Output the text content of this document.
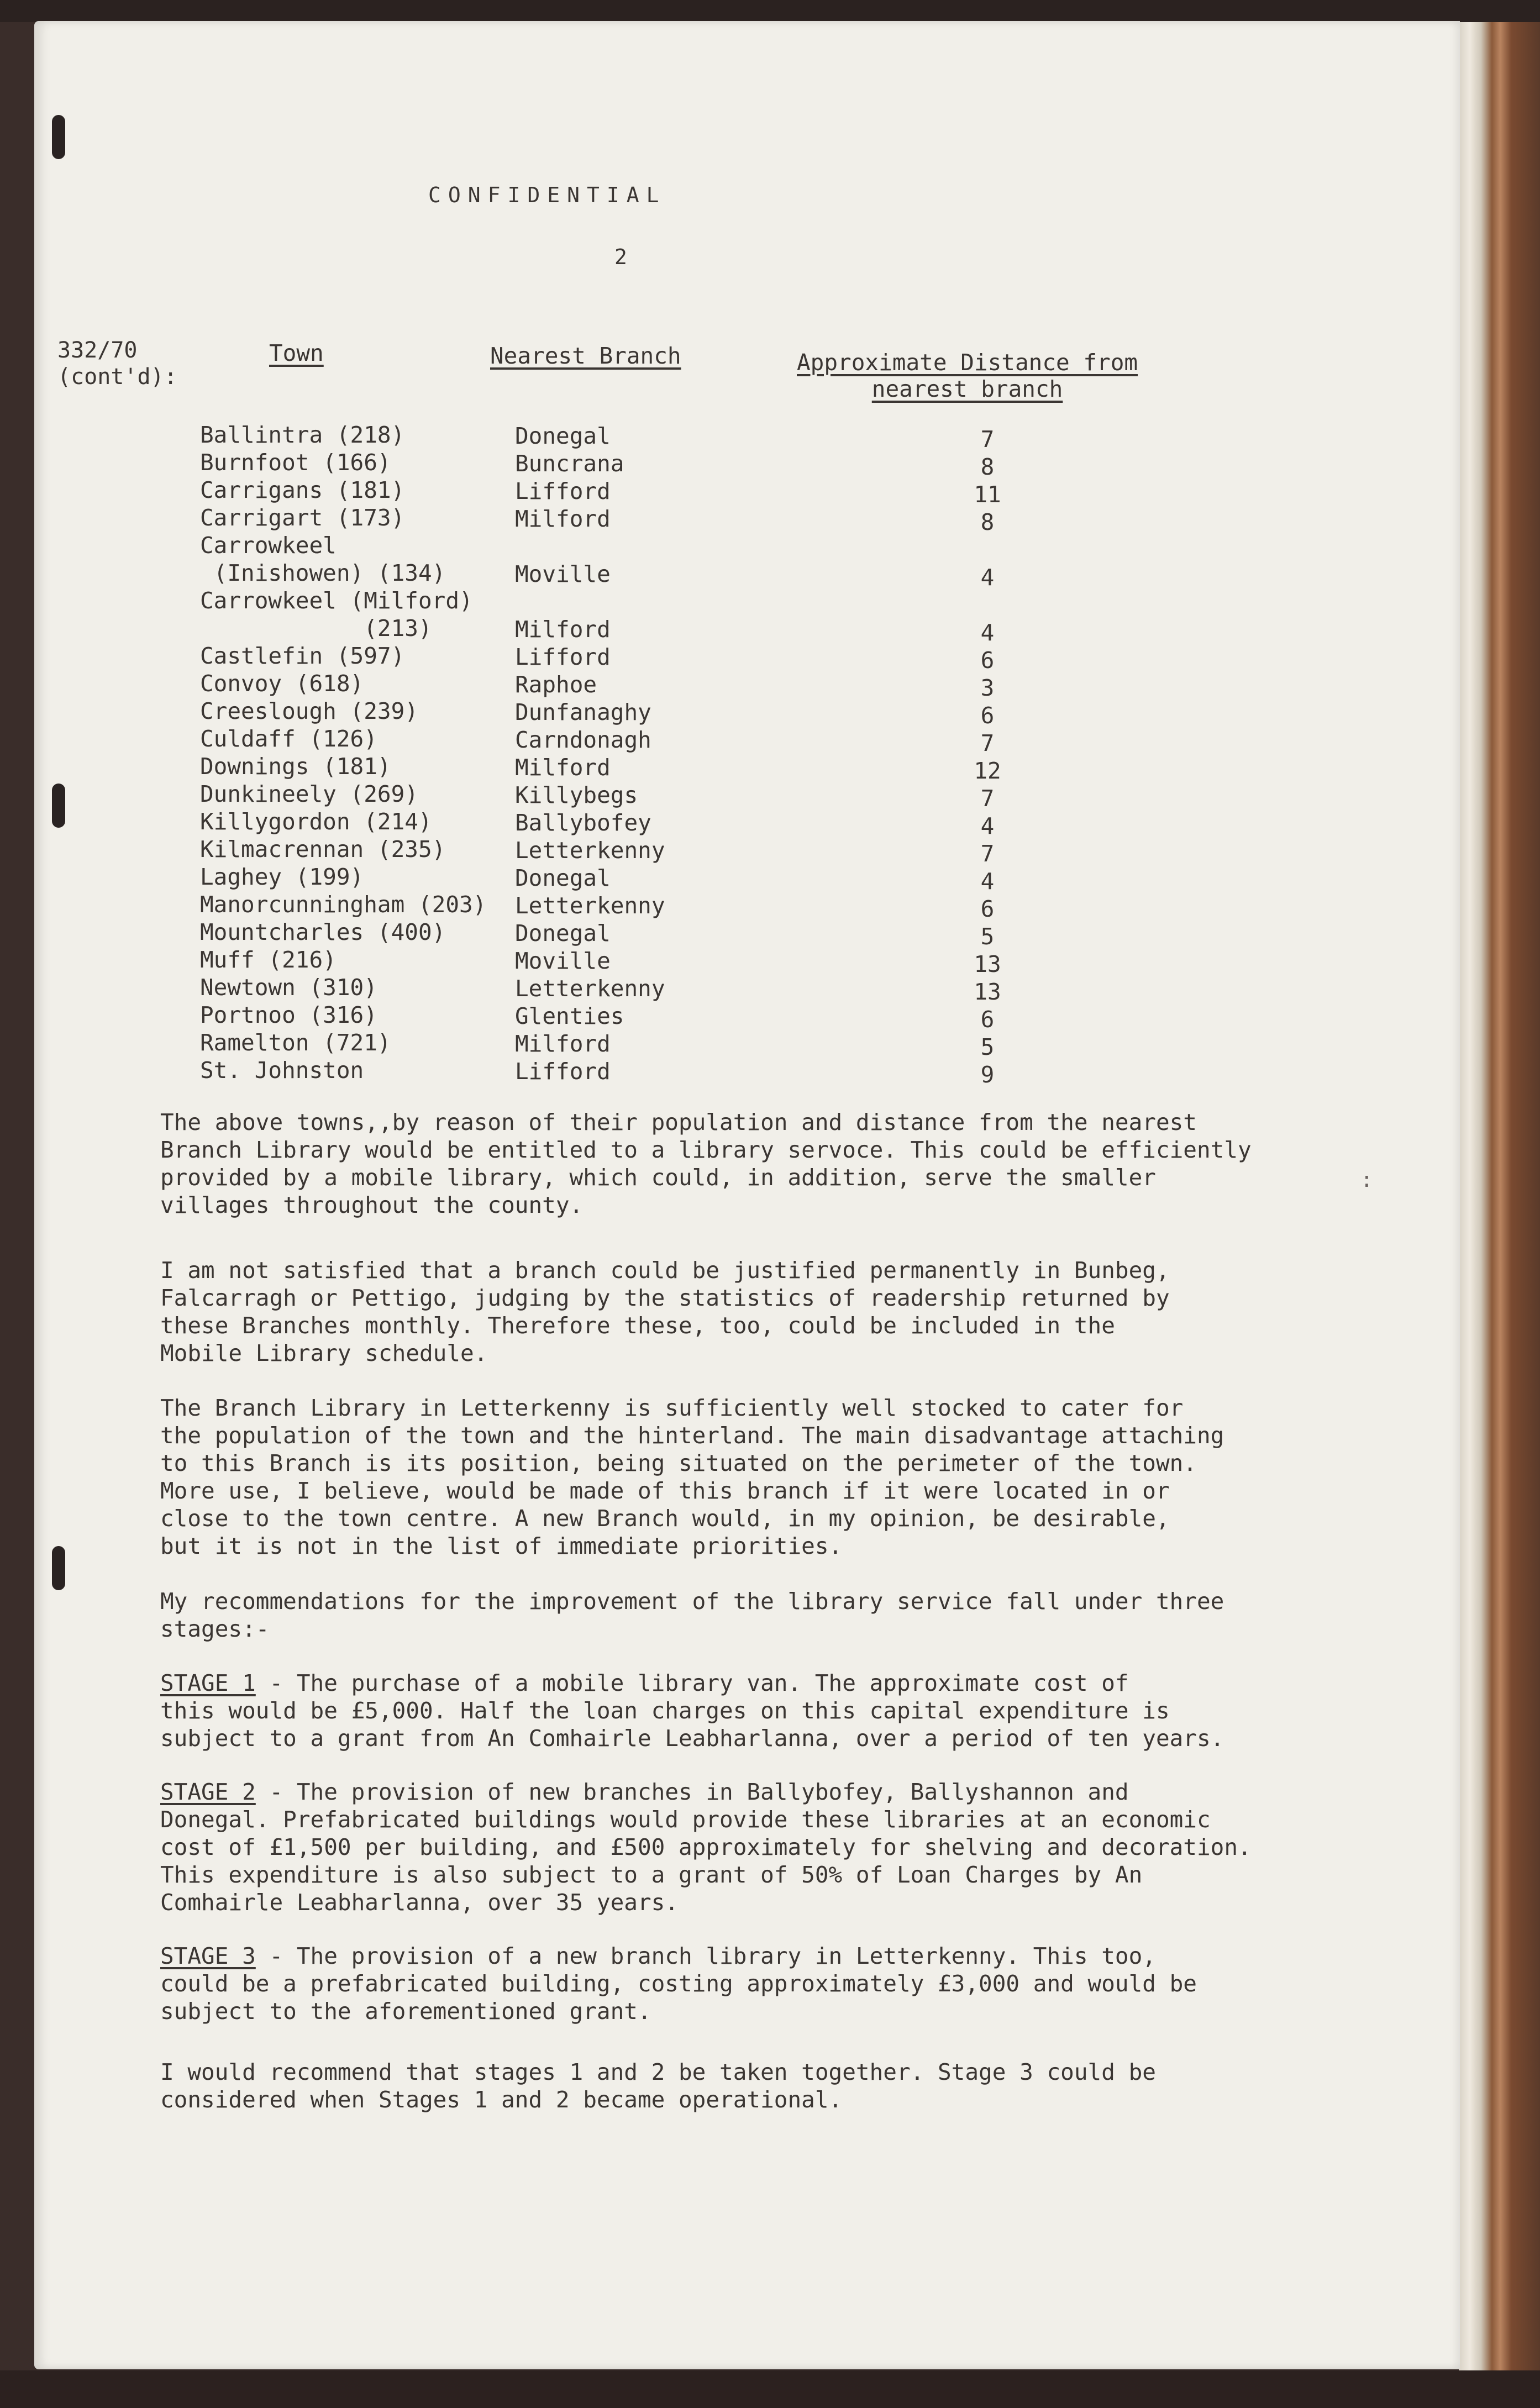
CONFIDENTIAL
2
332/70
(cont'd):
Town	Nearest Branch	Approximate Distance from
nearest branch
Ballintra (218)	Donegal	7
Burnfoot (166)	Buncrana	8
Carrigans (181)	Lifford	11
Carrigart (173)	Milford	8
Carrowkeel
(Inishowen) (134)	Moville	4
Carrowkeel (Milford)
(213)	Milford	4
Castlefin (597)	Lifford	6
Convoy (618)	Raphoe	3
Creeslough (239)	Dunfanaghy	6
Culdaff (126)	Carndonagh	7
Downings (181)	Milford	12
Dunkineely (269)	Killybegs	7
Killygordon (214)	Ballybofey	4
Kilmacrennan (235)	Letterkenny	7
Laghey (199)	Donegal	4
Manorcunningham (203) Letterkenny	6
Mountcharles (400)	Donegal	5
Muff (216)	Moville	13
Newtown (310)	Letterkenny	13
Portnoo (316)	Glenties	6
Ramelton (721)	Milford	5
St. Johnston	Lifford	9
The above towns,,by reason of their population and distance from the nearest
Branch Library would be entitled to a library servoce. This could be efficiently
provided by a mobile library, which could, in addition, serve the smaller
villages throughout the county.
:
I am not satisfied that a branch could be justified permanently in Bunbeg,
Falcarragh or Pettigo, judging by the statistics of readership returned by
these Branches monthly. Therefore these, too, could be included in the
Mobile Library schedule.
The Branch Library in Letterkenny is sufficiently well stocked to cater for
the population of the town and the hinterland. The main disadvantage attaching
to this Branch is its position, being situated on the perimeter of the town.
More use, I believe, would be made of this branch if it were located in or
close to the town centre. A new Branch would, in my opinion, be desirable,
but it is not in the list of immediate priorities.
My recommendations for the improvement of the library service fall under three
stages:-
STAGE 1 - The purchase of a mobile library van. The approximate cost of
this would be £5,000. Half the loan charges on this capital expenditure is
subject to a grant from An Comhairle Leabharlanna, over a period of ten years.
STAGE 2 - The provision of new branches in Ballybofey, Ballyshannon and
Donegal. Prefabricated buildings would provide these libraries at an economic
cost of £1,500 per building, and £500 approximately for shelving and decoration.
This expenditure is also subject to a grant of 50% of Loan Charges by An
Comhairle Leabharlanna, over 35 years.
STAGE 3 - The provision of a new branch library in Letterkenny. This too,
could be a prefabricated building, costing approximately £3,000 and would be
subject to the aforementioned grant.
I would recommend that stages 1 and 2 be taken together. Stage 3 could be
considered when Stages 1 and 2 became operational.
